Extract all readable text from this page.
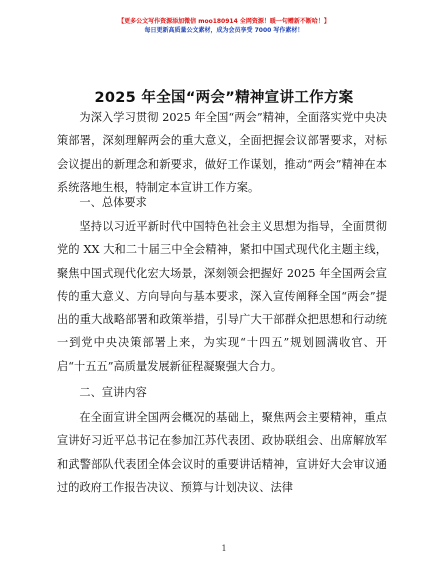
【更多公文写作资源添加微信 moo180914 全网资源！暖一句赠新不断哈！】
每日更新高质量公文素材，成为会员享受 7000 写作素材！
2025 年全国“两会”精神宣讲工作方案

为深入学习贯彻 2025 年全国“两会”精神，全面落实党中央决策部署，深刻理解两会的重大意义，全面把握会议部署要求，对标会议提出的新理念和新要求，做好工作谋划，推动“两会”精神在本系统落地生根，特制定本宣讲工作方案。

一、总体要求

坚持以习近平新时代中国特色社会主义思想为指导，全面贯彻党的 XX 大和二十届三中全会精神，紧扣中国式现代化主题主线，聚焦中国式现代化宏大场景，深刻领会把握好 2025 年全国两会宣传的重大意义、方向导向与基本要求，深入宣传阐释全国“两会”提出的重大战略部署和政策举措，引导广大干部群众把思想和行动统一到党中央决策部署上来，为实现“十四五”规划圆满收官、开启“十五五”高质量发展新征程凝聚强大合力。

二、宣讲内容

在全面宣讲全国两会概况的基础上，聚焦两会主要精神，重点宣讲好习近平总书记在参加江苏代表团、政协联组会、出席解放军和武警部队代表团全体会议时的重要讲话精神，宣讲好大会审议通过的政府工作报告决议、预算与计划决议、法律

1
